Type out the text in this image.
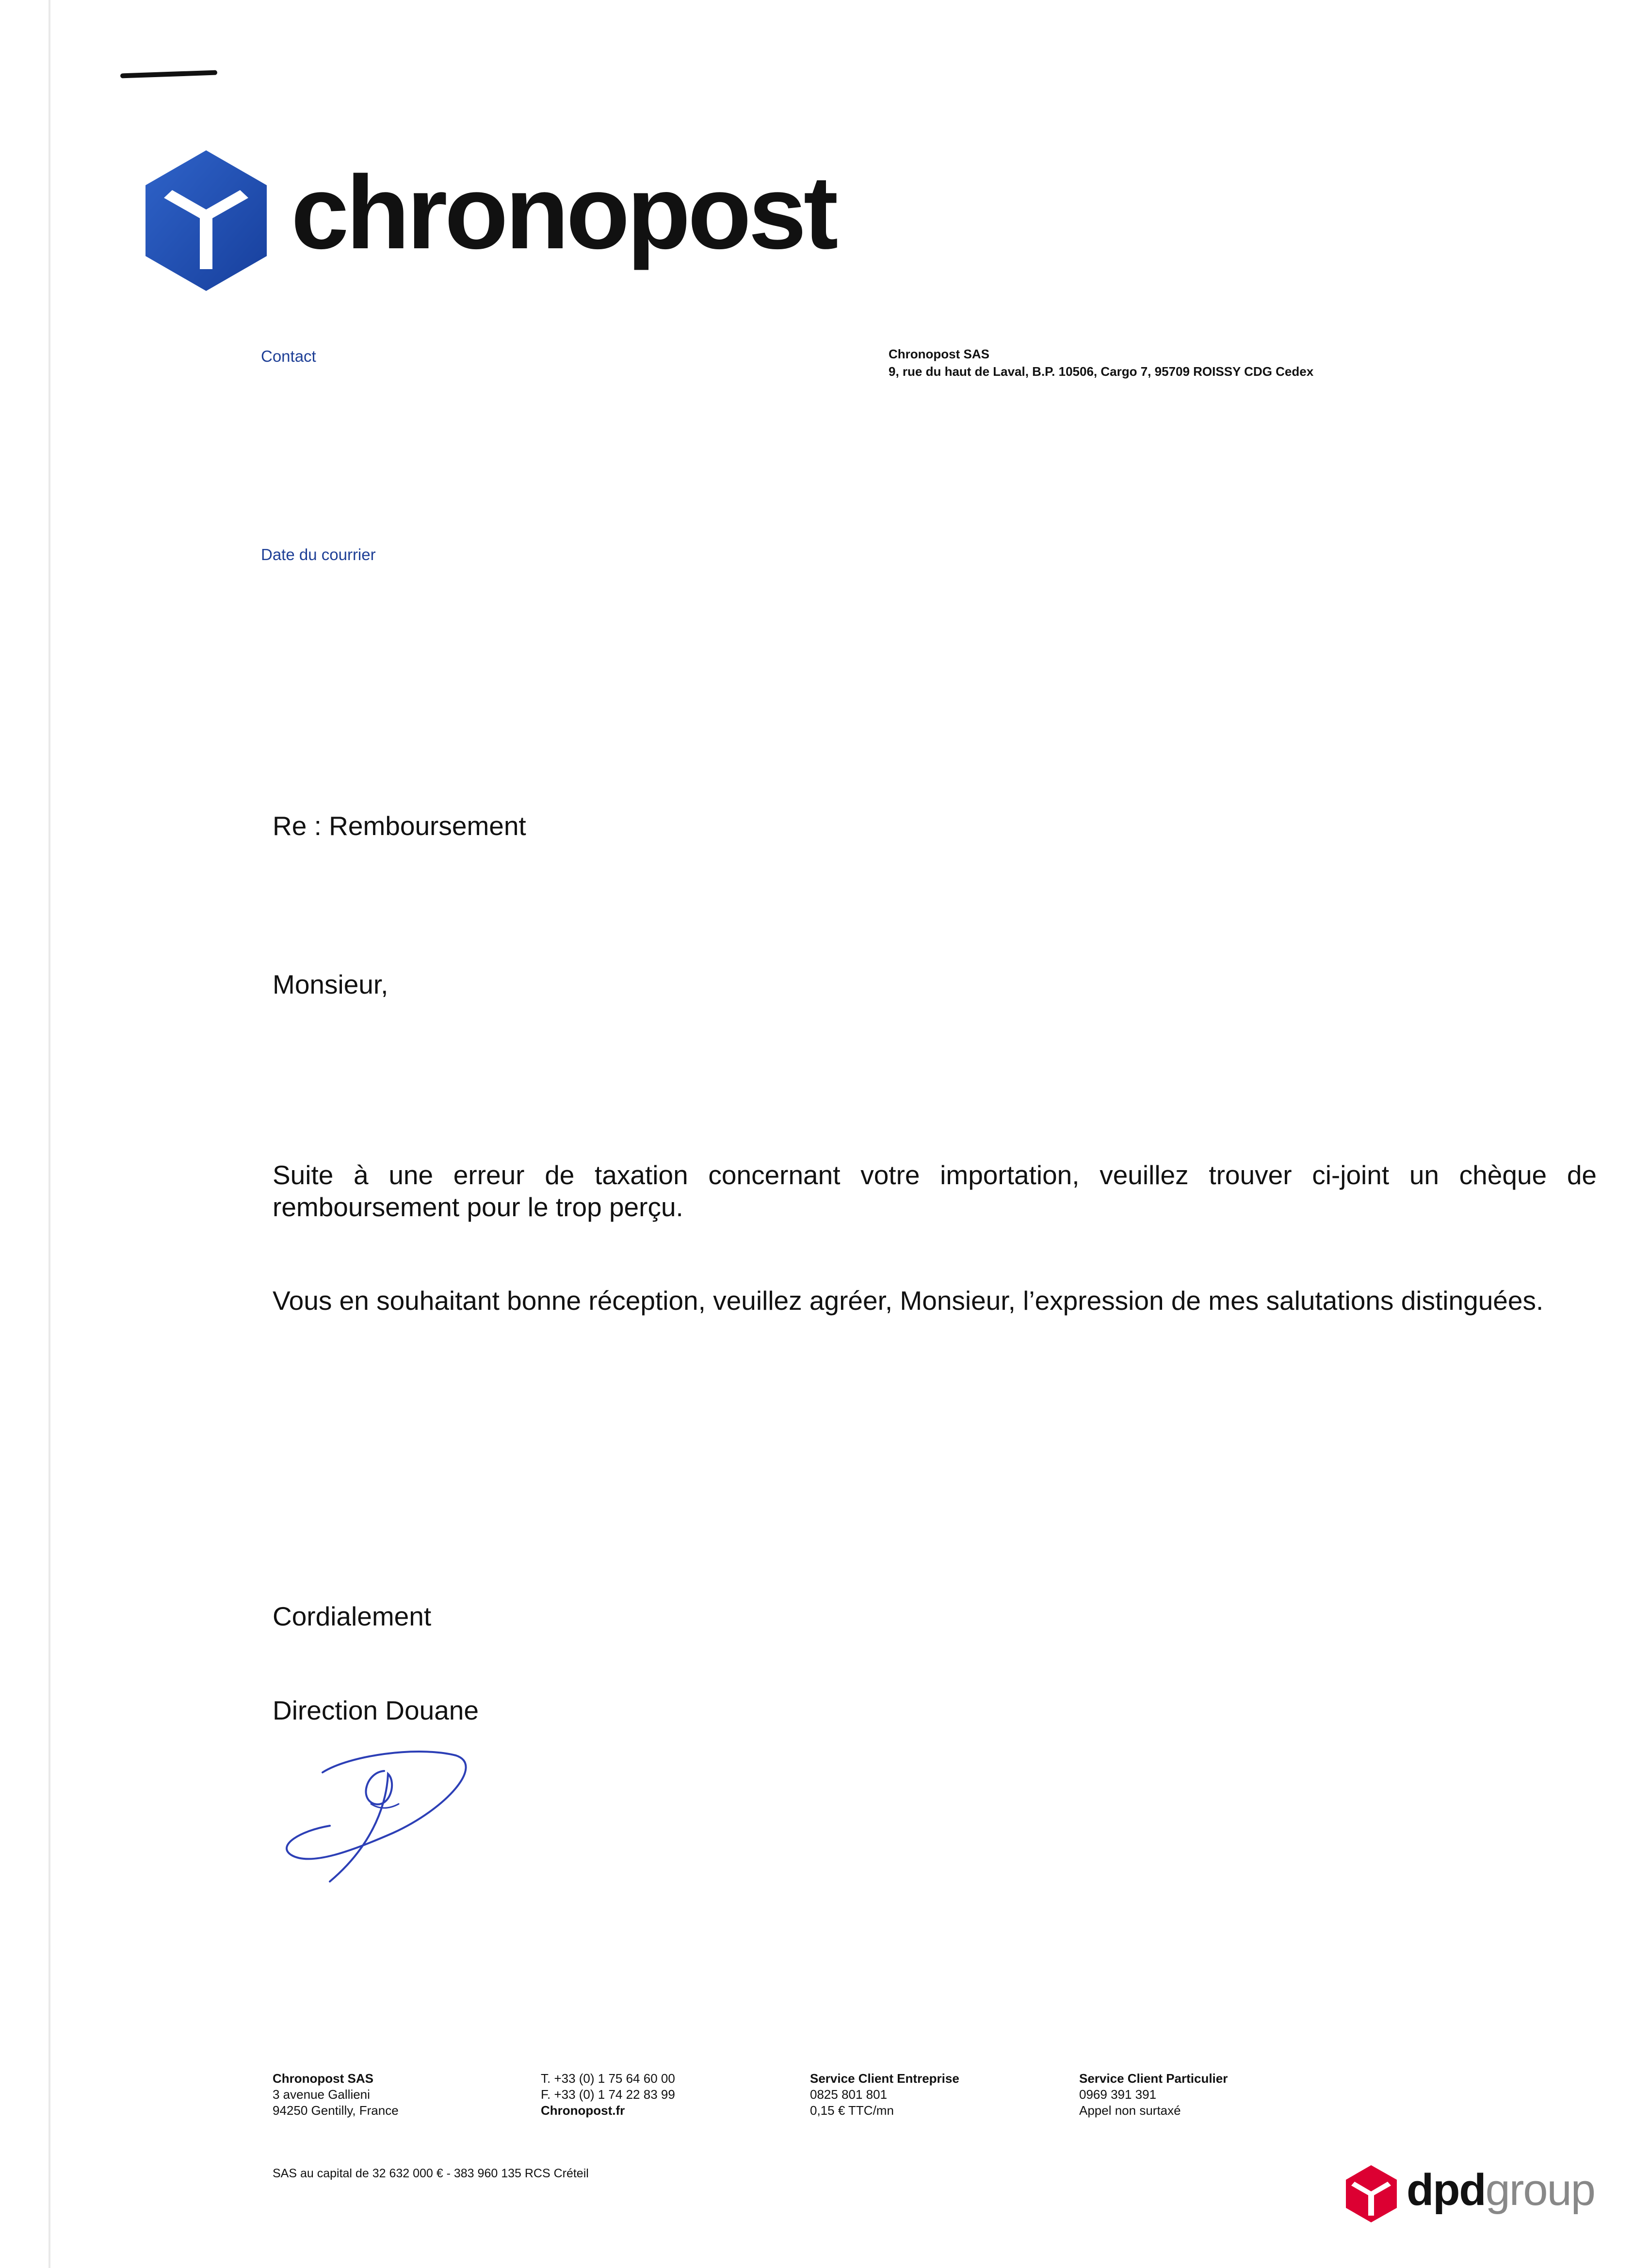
chronopost
Contact
Date du courrier
Chronopost SAS
9, rue du haut de Laval, B.P. 10506, Cargo 7, 95709 ROISSY CDG Cedex
Re : Remboursement
Monsieur,
Suite à une erreur de taxation concernant votre importation, veuillez trouver ci-joint un chèque de remboursement pour le trop perçu.
Vous en souhaitant bonne réception, veuillez agréer, Monsieur, l’expression de mes salutations distinguées.
Cordialement
Direction Douane
Chronopost SAS
3 avenue Gallieni
94250 Gentilly, France
T. +33 (0) 1 75 64 60 00
F. +33 (0) 1 74 22 83 99
Chronopost.fr
Service Client Entreprise
0825 801 801
0,15 € TTC/mn
Service Client Particulier
0969 391 391
Appel non surtaxé
SAS au capital de 32 632 000 € - 383 960 135 RCS Créteil	dpdgroup
